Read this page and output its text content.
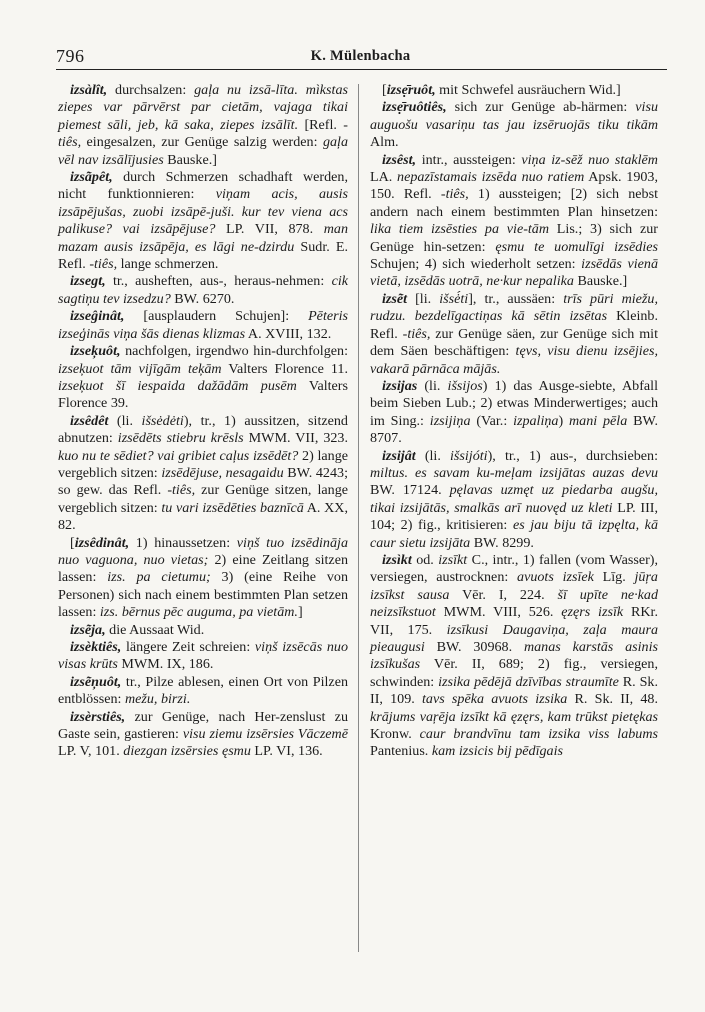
796	K. Mülenbacha

izsàlît, durchsalzen: gaļa nu izsā-līta. mìkstas ziepes var pārvērst par cietām, vajaga tikai piemest sāli, jeb, kā saka, ziepes izsālīt. [Refl. -tiês, eingesalzen, zur Genüge salzig werden: gaļa vēl nav izsālījusies Bauske.]

izsãpêt, durch Schmerzen schadhaft werden, nicht funktionnieren: viņam acis, ausis izsāpējušas, zuobi izsāpē-juši. kur tev viena acs palikuse? vai izsāpējuse? LP. VII, 878. man mazam ausis izsāpēja, es lāgi ne-dzirdu Sudr. E. Refl. -tiês, lange schmerzen.

izsegt, tr., ausheften, aus-, heraus-nehmen: cik sagtiņu tev izsedzu? BW. 6270.

izseĝinât, [ausplaudern Schujen]: Pēteris izseģinās viņa šās dienas klizmas A. XVIII, 132.

izseķuôt, nachfolgen, irgendwo hin-durchfolgen: izseķuot tām vijīgām teķām Valters Florence 11. izseķuot šī iespaida dažādām pusēm Valters Florence 39.

izsêdêt (li. išsėdėti), tr., 1) aussitzen, sitzend abnutzen: izsēdēts stiebru krēsls MWM. VII, 323. kuo nu te sēdiet? vai gribiet caļus izsēdēt? 2) lange vergeblich sitzen: izsēdējuse, nesagaidu BW. 4243; so gew. das Refl. -tiês, zur Genüge sitzen, lange vergeblich sitzen: tu vari izsēdēties baznīcā A. XX, 82.

[izsêdinât, 1) hinaussetzen: viņš tuo izsēdināja nuo vaguona, nuo vietas; 2) eine Zeitlang sitzen lassen: izs. pa cietumu; 3) (eine Reihe von Personen) sich nach einem bestimmten Plan setzen lassen: izs. bērnus pēc auguma, pa vietām.]

izsẽja, die Aussaat Wid.

izsèktiês, längere Zeit schreien: viņš izsēcās nuo visas krūts MWM. IX, 186.

izsẽņuôt, tr., Pilze ablesen, einen Ort von Pilzen entblössen: mežu, birzi.

izsèrstiês, zur Genüge, nach Her-zenslust zu Gaste sein, gastieren: visu ziemu izsērsies Vāczemē LP. V, 101. diezgan izsērsies ęsmu LP. VI, 136.

[izsẹ̄ruôt, mit Schwefel ausräuchern Wid.]

izsẹ̄ruôtiês, sich zur Genüge ab-härmen: visu auguošu vasariņu tas jau izsēruojās tiku tikām Alm.

izsêst, intr., aussteigen: viņa iz-sēž nuo staklēm LA. nepazīstamais izsēda nuo ratiem Apsk. 1903, 150. Refl. -tiês, 1) aussteigen; [2) sich nebst andern nach einem bestimmten Plan hinsetzen: lika tiem izsēsties pa vie-tām Lis.; 3) sich zur Genüge hin-setzen: ęsmu te uomulīgi izsēdies Schujen; 4) sich wiederholt setzen: izsēdās vienā vietā, izsēdās uotrā, ne·kur nepalika Bauske.]

izsẽt [li. išsė́ti], tr., aussäen: trīs pūri miežu, rudzu. bezdelīgactiņas kā sētin izsētas Kleinb. Refl. -tiês, zur Genüge säen, zur Genüge sich mit dem Säen beschäftigen: tęvs, visu dienu izsējies, vakarā pārnāca mājās.

izsijas (li. išsijos) 1) das Ausge-siebte, Abfall beim Sieben Lub.; 2) etwas Minderwertiges; auch im Sing.: izsijiņa (Var.: izpaliņa) mani pēla BW. 8707.

izsijât (li. išsijóti), tr., 1) aus-, durchsieben: miltus. es savam ku-meļam izsijātas auzas devu BW. 17124. pęlavas uzmęt uz piedarba augšu, tikai izsijātās, smalkās arī nuovęd uz kleti LP. III, 104; 2) fig., kritisieren: es jau biju tā izpęlta, kā caur sietu izsijāta BW. 8299.

izsìkt od. izsīkt C., intr., 1) fallen (vom Wasser), versiegen, austrocknen: avuots izsīek Līg. jūŗa izsīkst sausa Vēr. I, 224. šī upīte ne·kad neizsīkstuot MWM. VIII, 526. ęzęrs izsīk RKr. VII, 175. izsīkusi Daugaviņa, zaļa maura pieaugusi BW. 30968. manas karstās asinis izsīkušas Vēr. II, 689; 2) fig., versiegen, schwinden: izsika pēdējā dzīvības straumīte R. Sk. II, 109. tavs spēka avuots izsika R. Sk. II, 48. krājums vaŗēja izsīkt kā ęzęrs, kam trūkst pietękas Kronw. caur brandvīnu tam izsika viss labums Pantenius. kam izsicis bij pēdīgais
